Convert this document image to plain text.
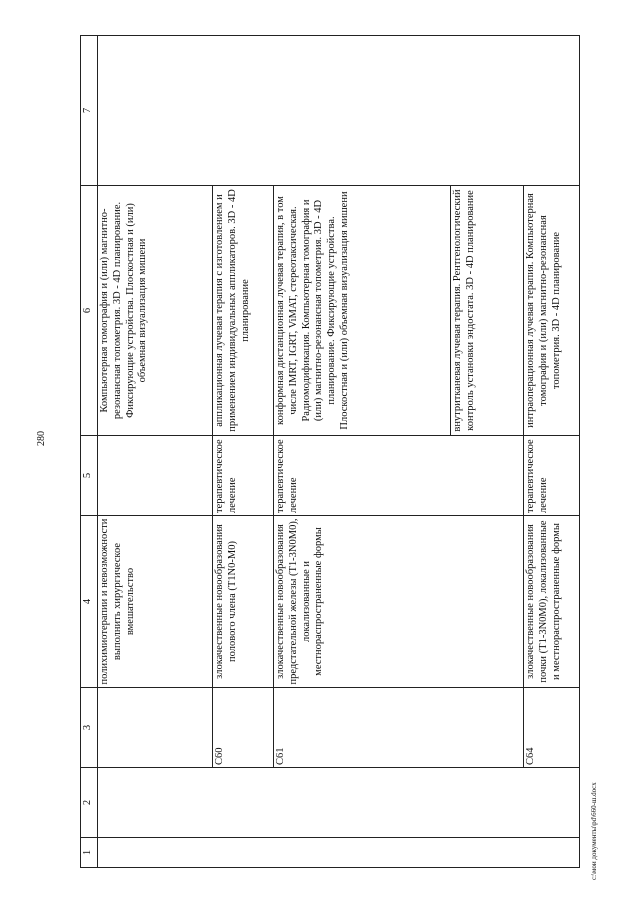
280
1	2	3	4	5	6	7
			полихимиотерапии и невозможности выполнить хирургическое вмешательство		Компьютерная томография и (или) магнитно-резонансная топометрия. 3D - 4D планирование. Фиксирующие устройства. Плоскостная и (или) объемная визуализация мишени	
		C60	злокачественные новообразования полового члена (T1N0-M0)	терапевтическое лечение	аппликационная лучевая терапия с изготовлением и применением индивидуальных аппликаторов. 3D - 4D планирование	
		C61	злокачественные новообразования предстательной железы (T1-3N0M0), локализованные и местнораспространенные формы	терапевтическое лечение	конформная дистанционная лучевая терапия, в том числе IMRT, IGRT, ViMAT, стереотаксическая. Радиомодификация. Компьютерная томография и (или) магнитно-резонансная топометрия. 3D - 4D планирование. Фиксирующие устройства. Плоскостная и (или) объемная визуализация мишени	
					внутритканевая лучевая терапия. Рентгенологический контроль установки эндостата. 3D - 4D планирование	
		C64	злокачественные новообразования почки (T1-3N0M0), локализованные и местнораспространенные формы	терапевтическое лечение	интраоперационная лучевая терапия. Компьютерная томография и (или) магнитно-резонансная топометрия. 3D - 4D планирование	
c:\мои документы\pd\660-ш.docx
